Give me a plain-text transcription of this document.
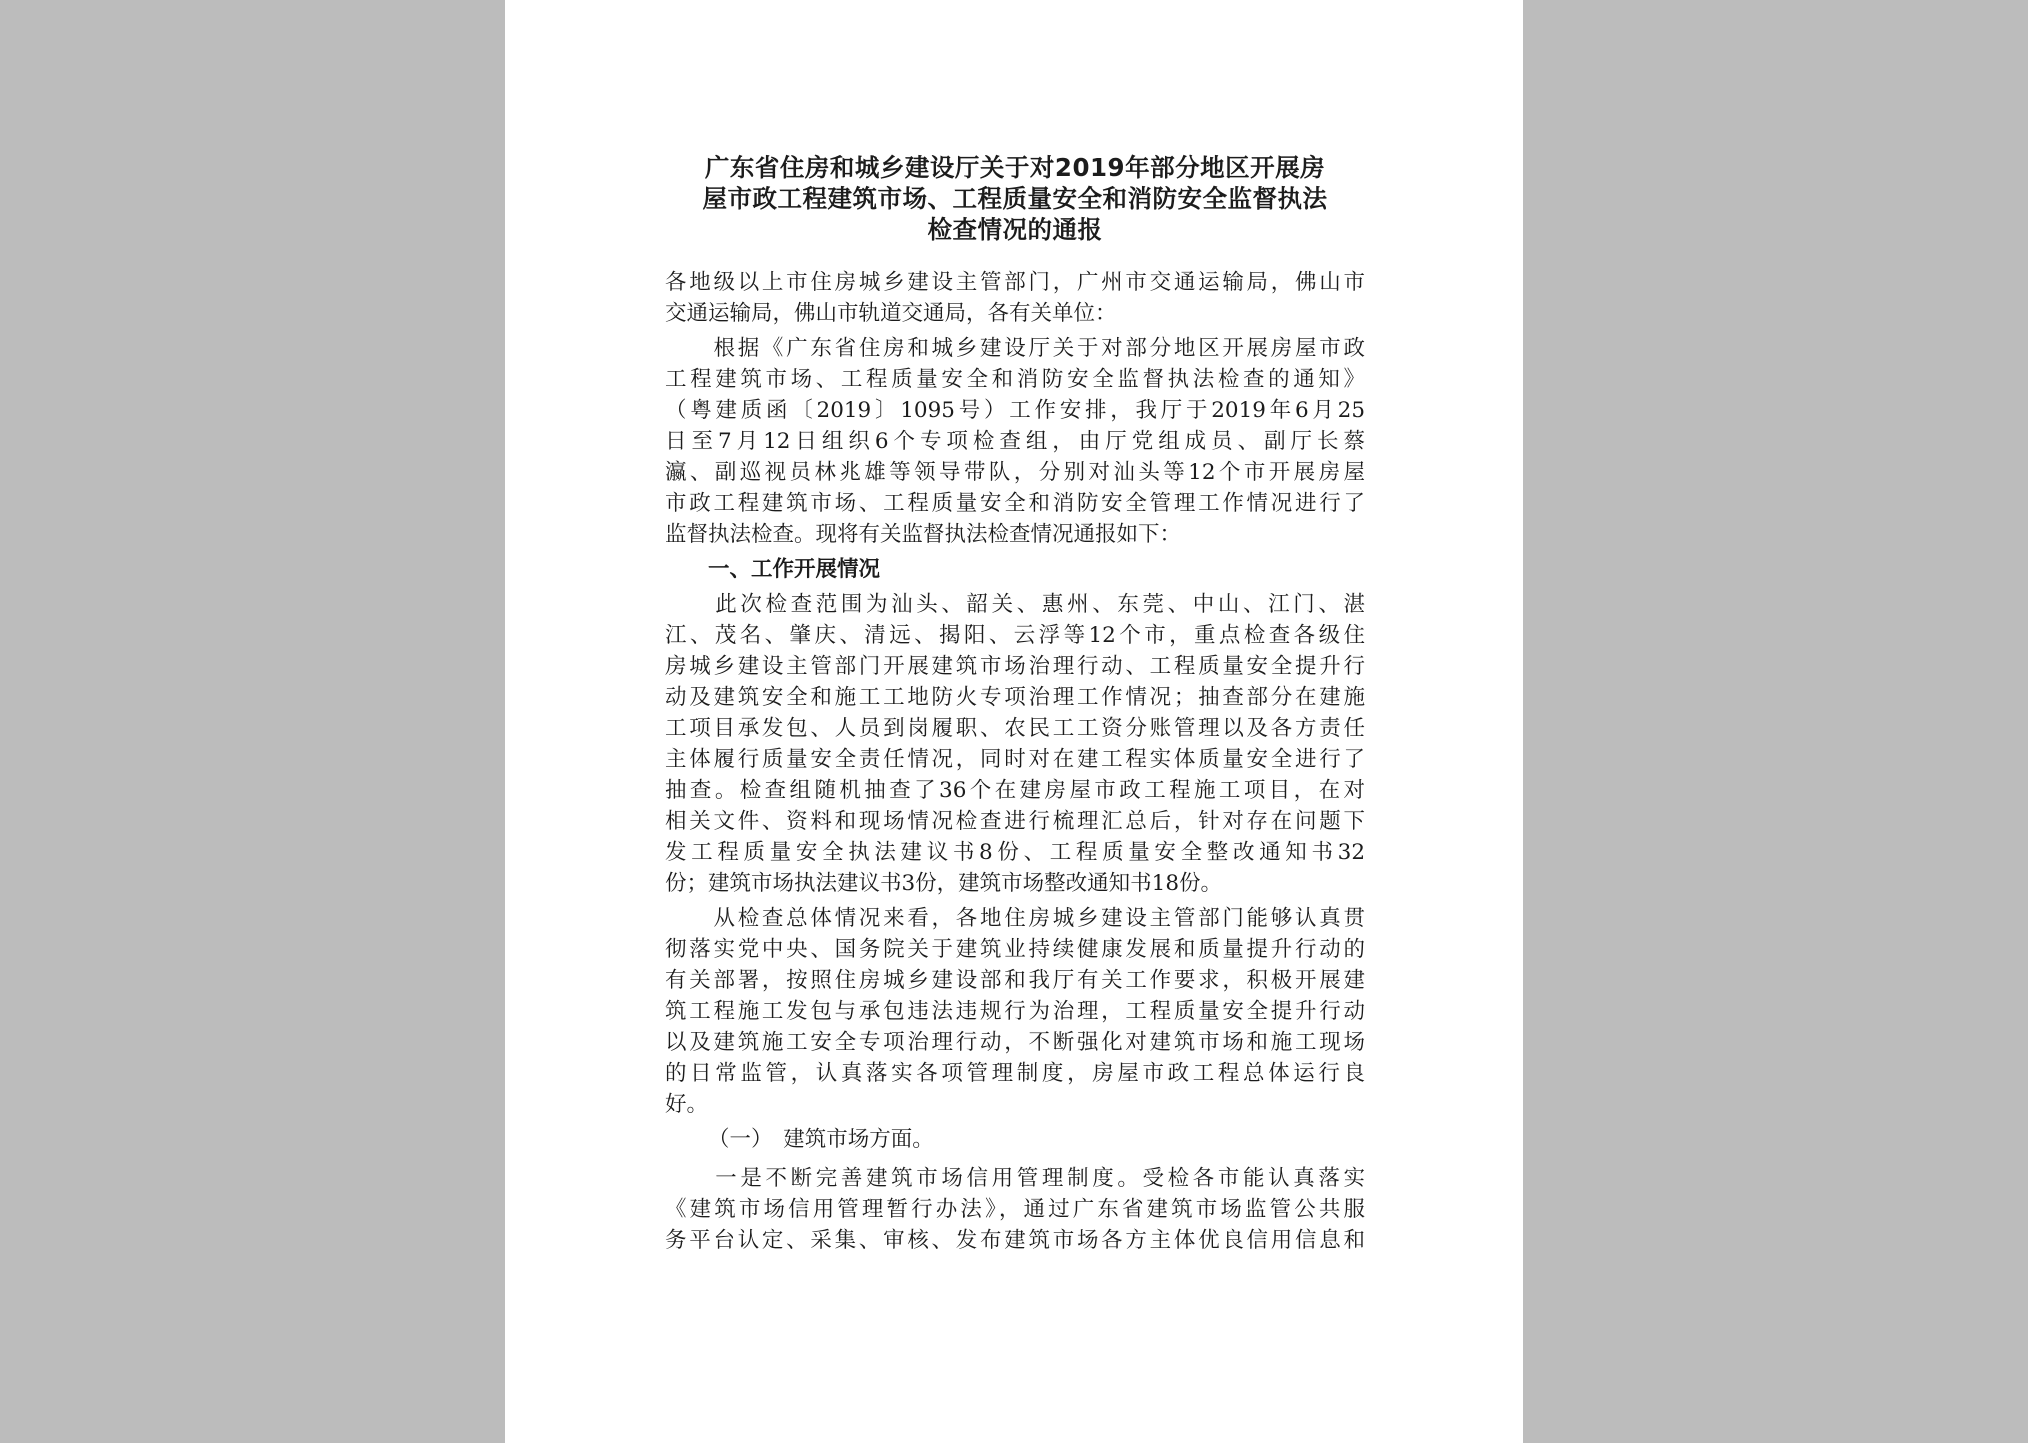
广东省住房和城乡建设厅关于对2019年部分地区开展房
屋市政工程建筑市场、工程质量安全和消防安全监督执法
检查情况的通报
各地级以上市住房城乡建设主管部门，广州市交通运输局，佛山市
交通运输局，佛山市轨道交通局，各有关单位：
　　根据《广东省住房和城乡建设厅关于对部分地区开展房屋市政
工程建筑市场、工程质量安全和消防安全监督执法检查的通知》
（粤建质函〔2019〕1095号）工作安排，我厅于2019年6月25
日至7月12日组织6个专项检查组，由厅党组成员、副厅长蔡
瀛、副巡视员林兆雄等领导带队，分别对汕头等12个市开展房屋
市政工程建筑市场、工程质量安全和消防安全管理工作情况进行了
监督执法检查。现将有关监督执法检查情况通报如下：
一、工作开展情况
　　此次检查范围为汕头、韶关、惠州、东莞、中山、江门、湛
江、茂名、肇庆、清远、揭阳、云浮等12个市，重点检查各级住
房城乡建设主管部门开展建筑市场治理行动、工程质量安全提升行
动及建筑安全和施工工地防火专项治理工作情况；抽查部分在建施
工项目承发包、人员到岗履职、农民工工资分账管理以及各方责任
主体履行质量安全责任情况，同时对在建工程实体质量安全进行了
抽查。检查组随机抽查了36个在建房屋市政工程施工项目，在对
相关文件、资料和现场情况检查进行梳理汇总后，针对存在问题下
发工程质量安全执法建议书8份、工程质量安全整改通知书32
份；建筑市场执法建议书3份，建筑市场整改通知书18份。
　　从检查总体情况来看，各地住房城乡建设主管部门能够认真贯
彻落实党中央、国务院关于建筑业持续健康发展和质量提升行动的
有关部署，按照住房城乡建设部和我厅有关工作要求，积极开展建
筑工程施工发包与承包违法违规行为治理，工程质量安全提升行动
以及建筑施工安全专项治理行动，不断强化对建筑市场和施工现场
的日常监管，认真落实各项管理制度，房屋市政工程总体运行良
好。
（一）　建筑市场方面。
　　一是不断完善建筑市场信用管理制度。受检各市能认真落实
《建筑市场信用管理暂行办法》，通过广东省建筑市场监管公共服
务平台认定、采集、审核、发布建筑市场各方主体优良信用信息和
